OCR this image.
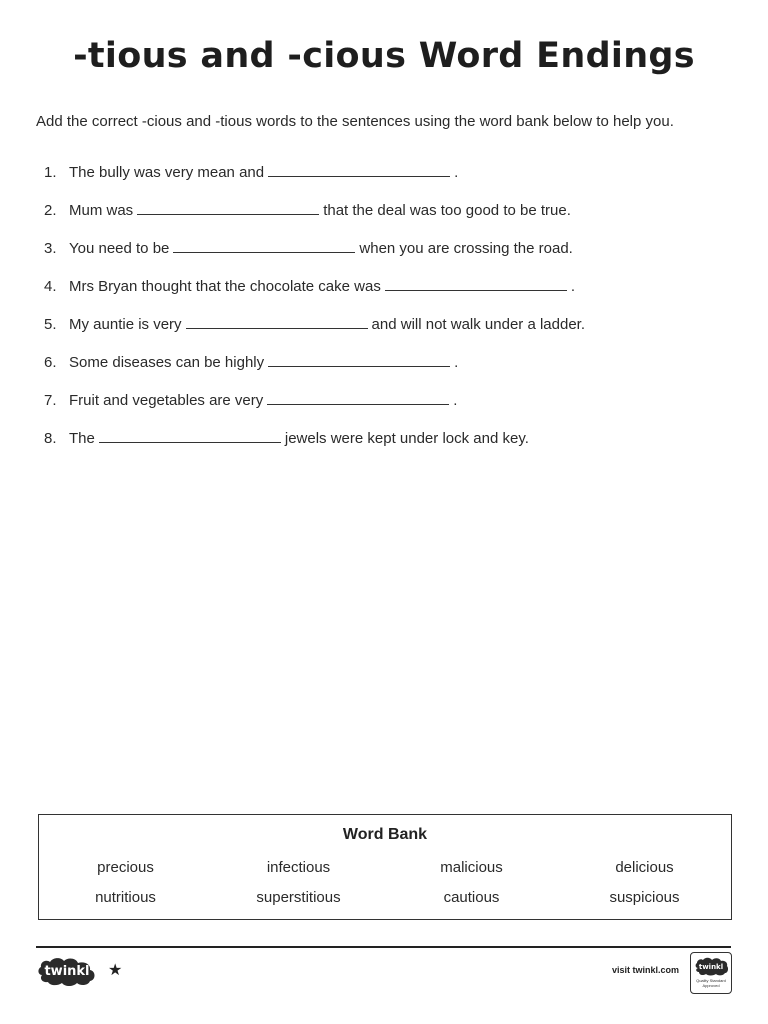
-tious and -cious Word Endings
Add the correct -cious and -tious words to the sentences using the word bank below to help you.
1. The bully was very mean and	.
2. Mum was	that the deal was too good to be true.
3. You need to be	when you are crossing the road.
4. Mrs Bryan thought that the chocolate cake was	.
5. My auntie is very	and will not walk under a ladder.
6. Some diseases can be highly	.
7. Fruit and vegetables are very	.
8. The	jewels were kept under lock and key.
Word Bank
precious	infectious	malicious	delicious
nutritious	superstitious	cautious	suspicious
twinkl ★	visit twinkl.com	twinkl
Quality Standard Approved
